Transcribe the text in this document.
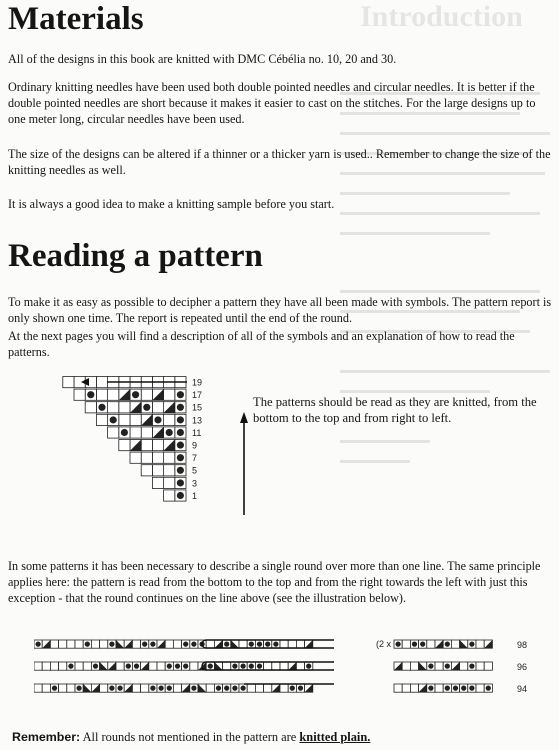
Introduction
Materials

All of the designs in this book are knitted with DMC Cébélia no. 10, 20 and 30.

Ordinary knitting needles have been used both double pointed needles and circular needles. It is better if the double pointed needles are short because it makes it easier to cast on the stitches. For the large designs up to one meter long, circular needles have been used.

The size of the designs can be altered if a thinner or a thicker yarn is used.. Remember to change the size of the knitting needles as well.

It is always a good idea to make a knitting sample before you start.

Reading a pattern

To make it as easy as possible to decipher a pattern they have all been made with symbols. The pattern report is only shown one time. The report is repeated until the end of the round.

At the next pages you will find a description of all of the symbols and an explanation of how to read the patterns.

19
17
15
13
11
9
7
5
3
1

The patterns should be read as they are knitted, from the bottom to the top and from right to left.

In some patterns it has been necessary to describe a single round over more than one line. The same principle applies here: the pattern is read from the bottom to the top and from the right towards the left with just this exception - that the round continues on the line above (see the illustration below).

(2 x	98
96
94

Remember: All rounds not mentioned in the pattern are knitted plain.
